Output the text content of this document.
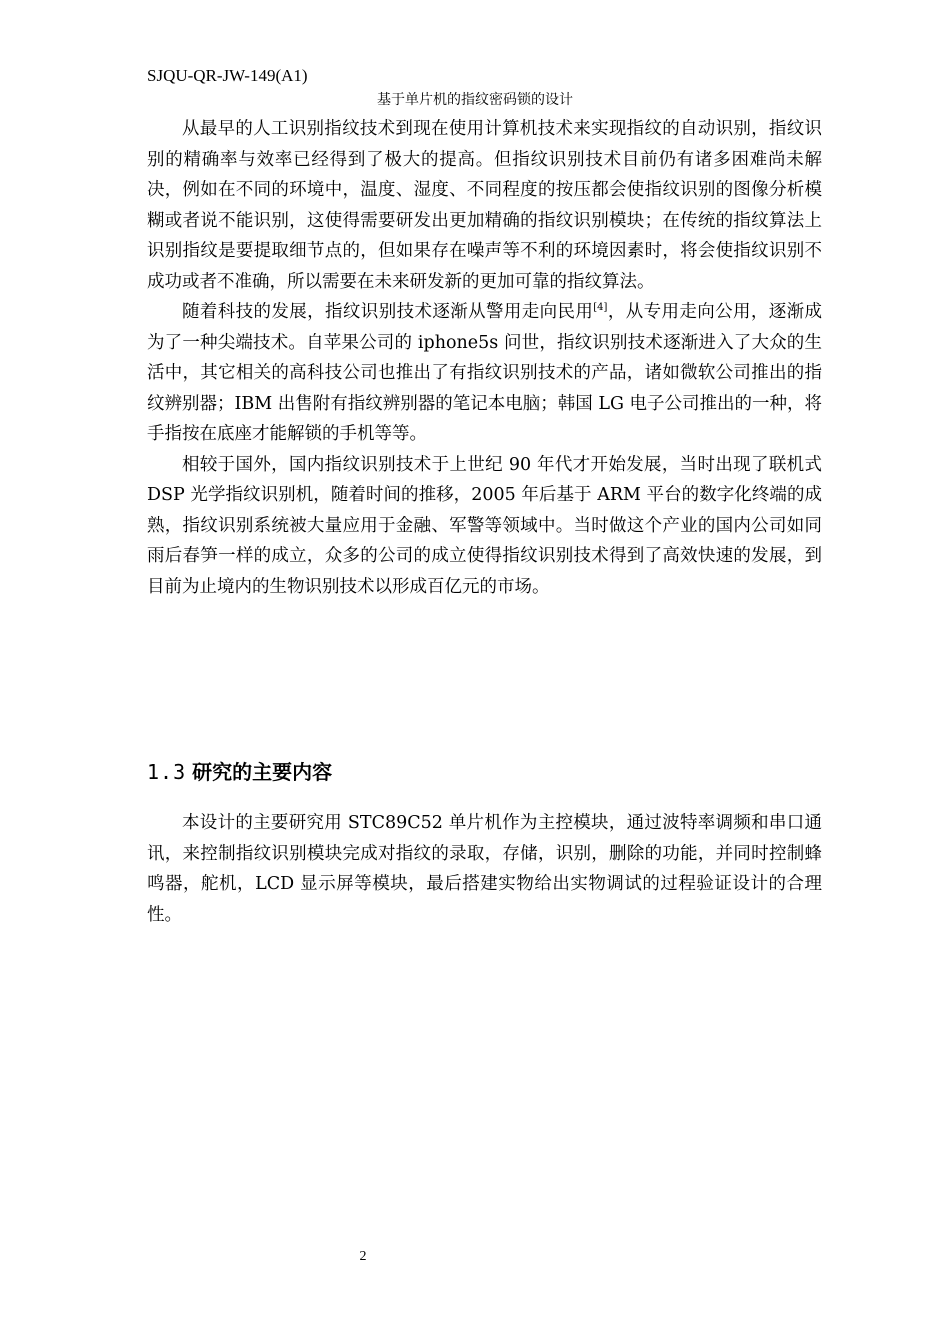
SJQU-QR-JW-149(A1)
基于单片机的指纹密码锁的设计

从最早的人工识别指纹技术到现在使用计算机技术来实现指纹的自动识别，指纹识别的精确率与效率已经得到了极大的提高。但指纹识别技术目前仍有诸多困难尚未解决，例如在不同的环境中，温度、湿度、不同程度的按压都会使指纹识别的图像分析模糊或者说不能识别，这使得需要研发出更加精确的指纹识别模块；在传统的指纹算法上识别指纹是要提取细节点的，但如果存在噪声等不利的环境因素时，将会使指纹识别不成功或者不准确，所以需要在未来研发新的更加可靠的指纹算法。

随着科技的发展，指纹识别技术逐渐从警用走向民用[4]，从专用走向公用，逐渐成为了一种尖端技术。自苹果公司的 iphone5s 问世，指纹识别技术逐渐进入了大众的生活中，其它相关的高科技公司也推出了有指纹识别技术的产品，诸如微软公司推出的指纹辨别器；IBM 出售附有指纹辨别器的笔记本电脑；韩国 LG 电子公司推出的一种，将手指按在底座才能解锁的手机等等。

相较于国外，国内指纹识别技术于上世纪 90 年代才开始发展，当时出现了联机式 DSP 光学指纹识别机，随着时间的推移，2005 年后基于 ARM 平台的数字化终端的成熟，指纹识别系统被大量应用于金融、军警等领域中。当时做这个产业的国内公司如同雨后春笋一样的成立，众多的公司的成立使得指纹识别技术得到了高效快速的发展，到目前为止境内的生物识别技术以形成百亿元的市场。

1.3 研究的主要内容

本设计的主要研究用 STC89C52 单片机作为主控模块，通过波特率调频和串口通讯，来控制指纹识别模块完成对指纹的录取，存储，识别，删除的功能，并同时控制蜂鸣器，舵机，LCD 显示屏等模块，最后搭建实物给出实物调试的过程验证设计的合理性。

2
